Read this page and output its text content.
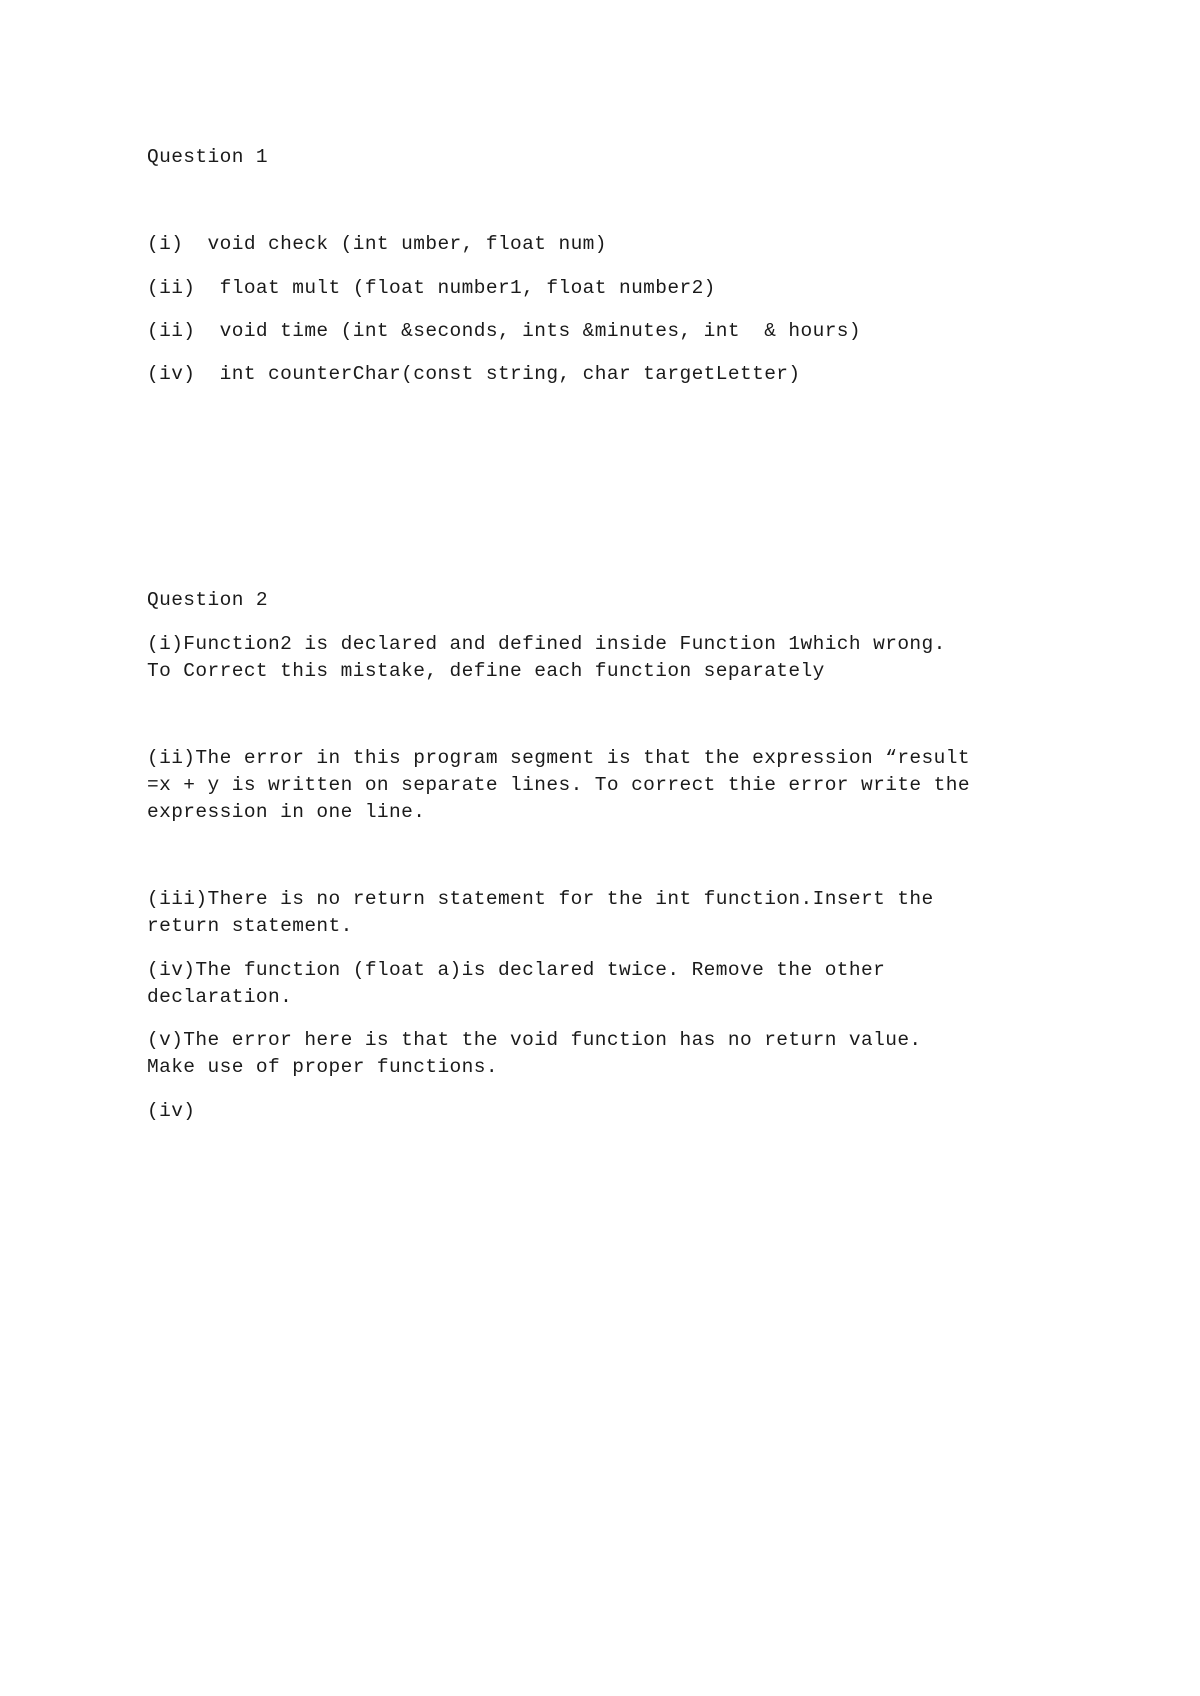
Question 1
(i)  void check (int umber, float num)
(ii)  float mult (float number1, float number2)
(ii)  void time (int &seconds, ints &minutes, int  & hours)
(iv)  int counterChar(const string, char targetLetter)
Question 2
(i)Function2 is declared and defined inside Function 1which wrong.
To Correct this mistake, define each function separately
(ii)The error in this program segment is that the expression “result
=x + y is written on separate lines. To correct thie error write the
expression in one line.
(iii)There is no return statement for the int function.Insert the
return statement.
(iv)The function (float a)is declared twice. Remove the other
declaration.
(v)The error here is that the void function has no return value.
Make use of proper functions.
(iv)
